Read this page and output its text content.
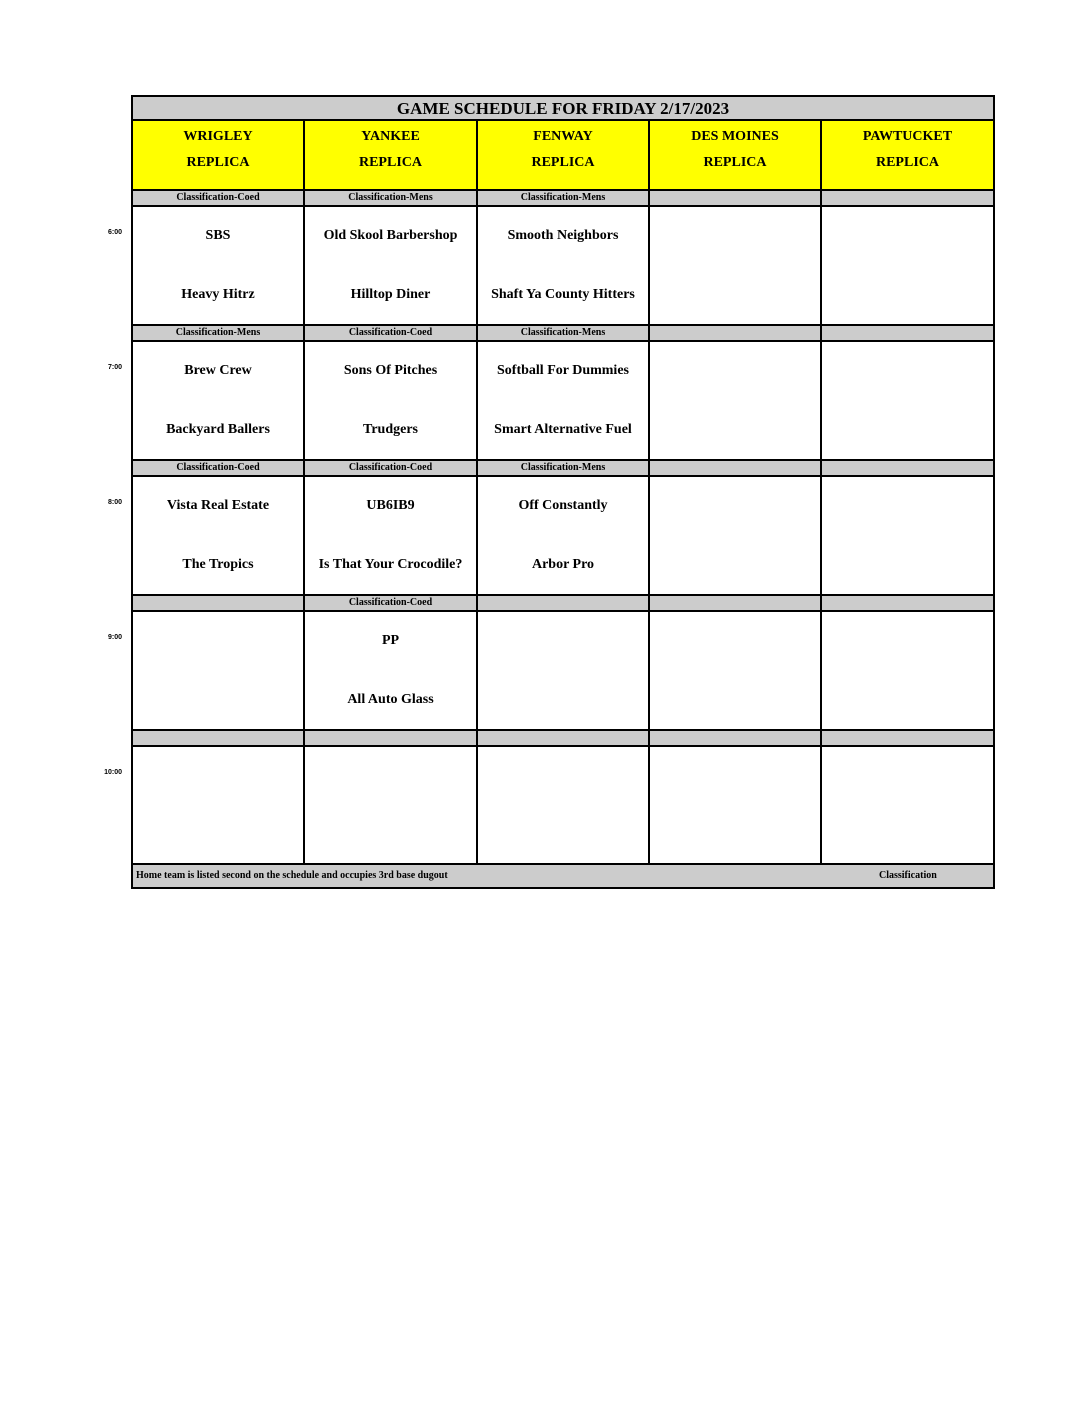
6:00
7:00
8:00
9:00
10:00
GAME SCHEDULE FOR FRIDAY 2/17/2023
WRIGLEY
REPLICA
YANKEE
REPLICA
FENWAY
REPLICA
DES MOINES
REPLICA
PAWTUCKET
REPLICA
Classification-Coed
SBS
Heavy Hitrz
Classification-Mens
Old Skool Barbershop
Hilltop Diner
Classification-Mens
Smooth Neighbors
Shaft Ya County Hitters
Classification-Mens
Brew Crew
Backyard Ballers
Classification-Coed
Sons Of Pitches
Trudgers
Classification-Mens
Softball For Dummies
Smart Alternative Fuel
Classification-Coed
Vista Real Estate
The Tropics
Classification-Coed
UB6IB9
Is That Your Crocodile?
Classification-Mens
Off Constantly
Arbor Pro
Classification-Coed
PP
All Auto Glass
Home team is listed second on the schedule and occupies 3rd base dugout	Classification
